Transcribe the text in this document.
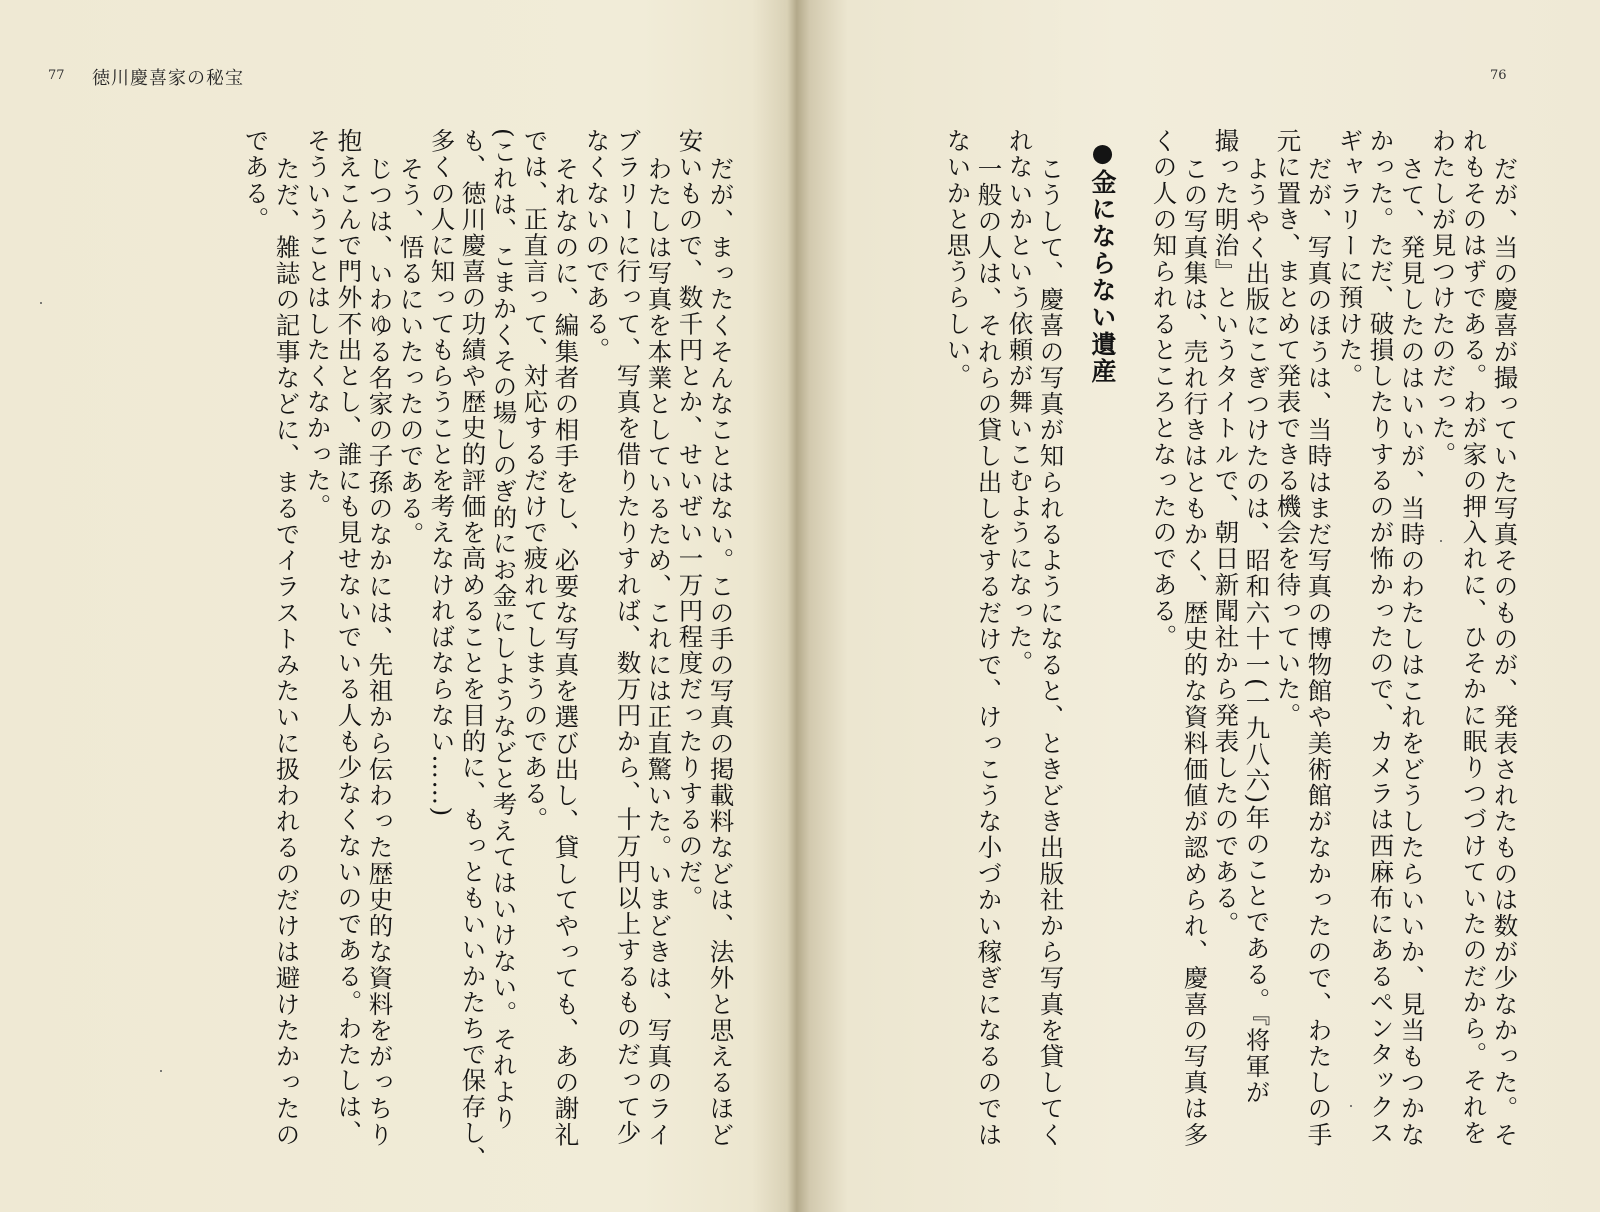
77 徳川慶喜家の秘宝
だが、まったくそんなことはない。この手の写真の掲載料などは、法外と思えるほど
安いもので、数千円とか、せいぜい一万円程度だったりするのだ。
わたしは写真を本業としているため、これには正直驚いた。いまどきは、写真のライ
ブラリーに行って、写真を借りたりすれば、数万円から、十万円以上するものだって少
なくないのである。
それなのに、編集者の相手をし、必要な写真を選び出し、貸してやっても、あの謝礼
では、正直言って、対応するだけで疲れてしまうのである。
(これは、こまかくその場しのぎ的にお金にしようなどと考えてはいけない。それより
も、徳川慶喜の功績や歴史的評価を高めることを目的に、もっともいいかたちで保存し、
多くの人に知ってもらうことを考えなければならない……)
そう、悟るにいたったのである。
じつは、いわゆる名家の子孫のなかには、先祖から伝わった歴史的な資料をがっちり
抱えこんで門外不出とし、誰にも見せないでいる人も少なくないのである。わたしは、
そういうことはしたくなかった。
ただ、雑誌の記事などに、まるでイラストみたいに扱われるのだけは避けたかったの
である。
76
だが、当の慶喜が撮っていた写真そのものが、発表されたものは数が少なかった。そ
れもそのはずである。わが家の押入れに、ひそかに眠りつづけていたのだから。それを
わたしが見つけたのだった。
さて、発見したのはいいが、当時のわたしはこれをどうしたらいいか、見当もつかな
かった。ただ、破損したりするのが怖かったので、カメラは西麻布にあるペンタックス
ギャラリーに預けた。
だが、写真のほうは、当時はまだ写真の博物館や美術館がなかったので、わたしの手
元に置き、まとめて発表できる機会を待っていた。
ようやく出版にこぎつけたのは、昭和六十一(一九八六)年のことである。『将軍が
撮った明治』というタイトルで、朝日新聞社から発表したのである。
この写真集は、売れ行きはともかく、歴史的な資料価値が認められ、慶喜の写真は多
くの人の知られるところとなったのである。
●金にならない遺産
こうして、慶喜の写真が知られるようになると、ときどき出版社から写真を貸してく
れないかという依頼が舞いこむようになった。
一般の人は、それらの貸し出しをするだけで、けっこうな小づかい稼ぎになるのでは
ないかと思うらしい。
